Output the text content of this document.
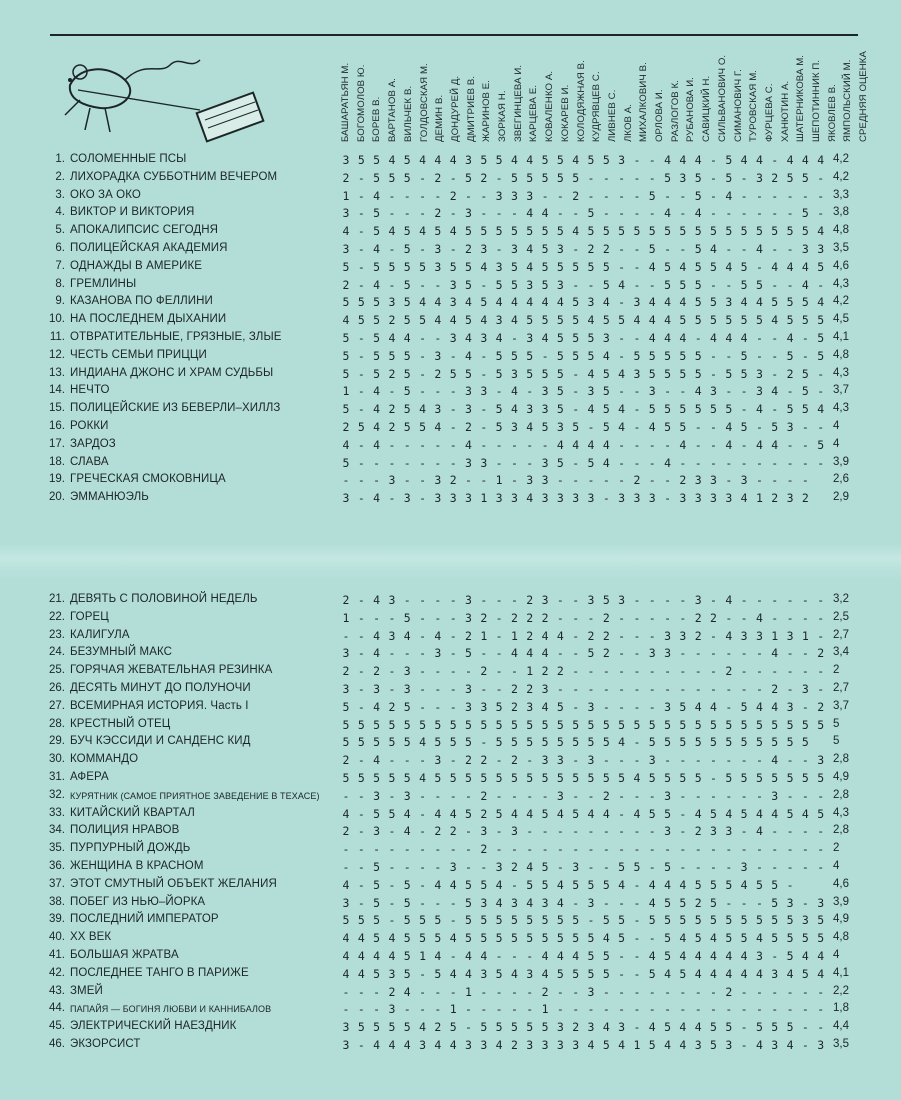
БАШАРАТЬЯН М. БОГОМОЛОВ Ю. БОРЕВ В. ВАРТАНОВ А. ВИЛЬЧЕК В. ГОЛДОВСКАЯ М. ДЕМИН В. ДОНДУРЕЙ Д. ДМИТРИЕВ В. ЖАРИНОВ Е. ЗОРКАЯ Н. ЗВЕГИНЦЕВА И. КАРЦЕВА Е. КОВАЛЕНКО А. КОКАРЕВ И. КОЛОДЯЖНАЯ В. КУДРЯВЦЕВ С. ЛИВНЕВ С. ЛКОВ А. МИХАЛКОВИЧ В. ОРЛОВА И. РАЗЛОГОВ К. РУБАНОВА И. САВИЦКИЙ Н. СИЛЬВАНОВИЧ О. СИМАНОВИЧ Г. ТУРОВСКАЯ М. ФУРЦЕВА С. ХАНЮТИН А. ШАТЕРНИКОВА М. ШЕПОТИННИК П. ЯКОВЛЕВ В. ЯМПОЛЬСКИЙ М. СРЕДНЯЯ ОЦЕНКА
1. СОЛОМЕННЫЕ ПСЫ	3 5 5 4 5 4 4 4 3 5 5 4 4 5 5 4 5 5 3 - - 4 4 4 - 5 4 4 - 4 4 4 4,2
2. ЛИХОРАДКА СУББОТНИМ ВЕЧЕРОМ	2 - 5 5 5 - 2 - 5 2 - 5 5 5 5 5 - - - - - 5 3 5 - 5 - 3 2 5 5 - 4,2
3. ОКО ЗА ОКО	1 - 4 - - - - 2 - - 3 3 3 - - 2 - - - - 5 - - 5 - 4 - - - - - - 3,3
4. ВИКТОР И ВИКТОРИЯ	3 - 5 - - - 2 - 3 - - - 4 4 - - 5 - - - - 4 - 4 - - - - - - 5 - 3,8
5. АПОКАЛИПСИС СЕГОДНЯ	4 - 5 4 5 4 5 4 5 5 5 5 5 5 5 4 5 5 5 5 5 5 5 5 5 5 5 5 5 5 5 4 4,8
6. ПОЛИЦЕЙСКАЯ АКАДЕМИЯ	3 - 4 - 5 - 3 - 2 3 - 3 4 5 3 - 2 2 - - 5 - - 5 4 - - 4 - - 3 3 3,5
7. ОДНАЖДЫ В АМЕРИКЕ	5 - 5 5 5 5 3 5 5 4 3 5 4 5 5 5 5 5 - - 4 5 4 5 5 4 5 - 4 4 4 5 4,6
8. ГРЕМЛИНЫ	2 - 4 - 5 - - 3 5 - 5 5 3 5 3 - - 5 4 - - 5 5 5 - - 5 5 - - 4 - 4,3
9. КАЗАНОВА ПО ФЕЛЛИНИ	5 5 5 3 5 4 4 3 4 5 4 4 4 4 4 5 3 4 - 3 4 4 4 5 5 3 4 4 5 5 5 4 4,2
10. НА ПОСЛЕДНЕМ ДЫХАНИИ	4 5 5 2 5 5 4 4 5 4 3 4 5 5 5 5 4 5 5 4 4 4 5 5 5 5 5 5 4 5 5 5 4,5
11. ОТВРАТИТЕЛЬНЫЕ, ГРЯЗНЫЕ, ЗЛЫЕ	5 - 5 4 4 - - 3 4 3 4 - 3 4 5 5 5 3 - - 4 4 4 - 4 4 4 - - 4 - 5 4,1
12. ЧЕСТЬ СЕМЬИ ПРИЦЦИ	5 - 5 5 5 - 3 - 4 - 5 5 5 - 5 5 5 4 - 5 5 5 5 5 - - 5 - - 5 - 5 4,8
13. ИНДИАНА ДЖОНС И ХРАМ СУДЬБЫ	5 - 5 2 5 - 2 5 5 - 5 3 5 5 5 - 4 5 4 3 5 5 5 5 - 5 5 3 - 2 5 - 4,3
14. НЕЧТО	1 - 4 - 5 - - - 3 3 - 4 - 3 5 - 3 5 - - 3 - - 4 3 - - 3 4 - 5 - 3,7
15. ПОЛИЦЕЙСКИЕ ИЗ БЕВЕРЛИ–ХИЛЛЗ	5 - 4 2 5 4 3 - 3 - 5 4 3 3 5 - 4 5 4 - 5 5 5 5 5 5 - 4 - 5 5 4 4,3
16. РОККИ	2 5 4 2 5 5 4 - 2 - 5 3 4 5 3 5 - 5 4 - 4 5 5 - - 4 5 - 5 3 - - 4
17. ЗАРДОЗ	4 - 4 - - - - - 4 - - - - - 4 4 4 4 - - - - 4 - - 4 - 4 4 - - 5 4
18. СЛАВА	5 - - - - - - - 3 3 - - - 3 5 - 5 4 - - - 4 - - - - - - - - - - 3,9
19. ГРЕЧЕСКАЯ СМОКОВНИЦА	- - - 3 - - 3 2 - - 1 - 3 3 - - - - - 2 - - 2 3 3 - 3 - - - - 2,6
20. ЭММАНЮЭЛЬ	3 - 4 - 3 - 3 3 3 1 3 3 4 3 3 3 3 - 3 3 3 - 3 3 3 3 4 1 2 3 2 2,9
21. ДЕВЯТЬ С ПОЛОВИНОЙ НЕДЕЛЬ	2 - 4 3 - - - - 3 - - - 2 3 - - 3 5 3 - - - - 3 - 4 - - - - - - 3,2
22. ГОРЕЦ	1 - - - 5 - - - 3 2 - 2 2 2 - - - 2 - - - - - 2 2 - - 4 - - - - 2,5
23. КАЛИГУЛА	- - 4 3 4 - 4 - 2 1 - 1 2 4 4 - 2 2 - - - 3 3 2 - 4 3 3 1 3 1 - 2,7
24. БЕЗУМНЫЙ МАКС	3 - 4 - - - 3 - 5 - - 4 4 4 - - 5 2 - - 3 3 - - - - - - 4 - - 2 3,4
25. ГОРЯЧАЯ ЖЕВАТЕЛЬНАЯ РЕЗИНКА	2 - 2 - 3 - - - - 2 - - 1 2 2 - - - - - - - - - - 2 - - - - - - 2
26. ДЕСЯТЬ МИНУТ ДО ПОЛУНОЧИ	3 - 3 - 3 - - - 3 - - 2 2 3 - - - - - - - - - - - - - - 2 - 3 - 2,7
27. ВСЕМИРНАЯ ИСТОРИЯ. Часть I	5 - 4 2 5 - - - 3 3 5 2 3 4 5 - 3 - - - - 3 5 4 4 - 5 4 4 3 - 2 3,7
28. КРЕСТНЫЙ ОТЕЦ	5 5 5 5 5 5 5 5 5 5 5 5 5 5 5 5 5 5 5 5 5 5 5 5 5 5 5 5 5 5 5 5 5
29. БУЧ КЭССИДИ И САНДЕНС КИД	5 5 5 5 5 4 5 5 5 - 5 5 5 5 5 5 5 5 4 - 5 5 5 5 5 5 5 5 5 5 5 5
30. КОММАНДО	2 - 4 - - - 3 - 2 2 - 2 - 3 3 - 3 - - - 3 - - - - - - - 4 - - 3 2,8
31. АФЕРА	5 5 5 5 5 4 5 5 5 5 5 5 5 5 5 5 5 5 5 4 5 5 5 5 - 5 5 5 5 5 5 5 4,9
32. КУРЯТНИК (САМОЕ ПРИЯТНОЕ ЗАВЕДЕНИЕ В ТЕХАСЕ) - - 3 - 3 - - - - 2 - - - - 3 - - 2 - - - 3 - - - - - - 3 - - - 2,8
33. КИТАЙСКИЙ КВАРТАЛ	4 - 5 5 4 - 4 4 5 2 5 4 4 5 4 5 4 4 - 4 5 5 - 4 5 4 5 4 4 5 4 5 4,3
34. ПОЛИЦИЯ НРАВОВ	2 - 3 - 4 - 2 2 - 3 - 3 - - - - - - - - - 3 - 2 3 3 - 4 - - - - 2,8
35. ПУРПУРНЫЙ ДОЖДЬ	- - - - - - - - - 2 - - - - - - - - - - - - - - - - - - - - - - 2
36. ЖЕНЩИНА В КРАСНОМ	- - 5 - - - - 3 - - 3 2 4 5 - 3 - - 5 5 - 5 - - - - 3 - - - - - 4
37. ЭТОТ СМУТНЫЙ ОБЪЕКТ ЖЕЛАНИЯ	4 - 5 - 5 - 4 4 5 5 4 - 5 5 4 5 5 5 4 - 4 4 4 5 5 5 4 5 5 -	4,6
38. ПОБЕГ ИЗ НЬЮ–ЙОРКА	3 - 5 - 5 - - - 5 3 4 3 4 3 4 - 3 - - - 4 5 5 2 5 - - - 5 3 - 3 3,9
39. ПОСЛЕДНИЙ ИМПЕРАТОР	5 5 5 - 5 5 5 - 5 5 5 5 5 5 5 5 - 5 5 - 5 5 5 5 5 5 5 5 5 5 3 5 4,9
40. XX ВЕК	4 4 5 4 5 5 5 4 5 5 5 5 5 5 5 5 5 4 5 - - 5 4 5 4 5 5 4 5 5 5 5 4,8
41. БОЛЬШАЯ ЖРАТВА	4 4 4 4 5 1 4 - 4 4 - - - 4 4 4 5 5 - - 4 5 4 4 4 4 4 3 - 5 4 4 4
42. ПОСЛЕДНЕЕ ТАНГО В ПАРИЖЕ	4 4 5 3 5 - 5 4 4 3 5 4 3 4 5 5 5 5 - - 5 4 5 4 4 4 4 4 3 4 5 4 4,1
43. ЗМЕЙ	- - - 2 4 - - - 1 - - - - 2 - - 3 - - - - - - - - 2 - - - - - - 2,2
44. ПАПАЙЯ — БОГИНЯ ЛЮБВИ И КАННИБАЛОВ	- - - 3 - - - 1 - - - - - 1 - - - - - - - - - - - - - - - - - - 1,8
45. ЭЛЕКТРИЧЕСКИЙ НАЕЗДНИК	3 5 5 5 5 4 2 5 - 5 5 5 5 5 3 2 3 4 3 - 4 5 4 4 5 5 - 5 5 5 - - 4,4
46. ЭКЗОРСИСТ	3 - 4 4 4 3 4 4 3 3 4 2 3 3 3 3 4 5 4 1 5 4 4 3 5 3 - 4 3 4 - 3 3,5
